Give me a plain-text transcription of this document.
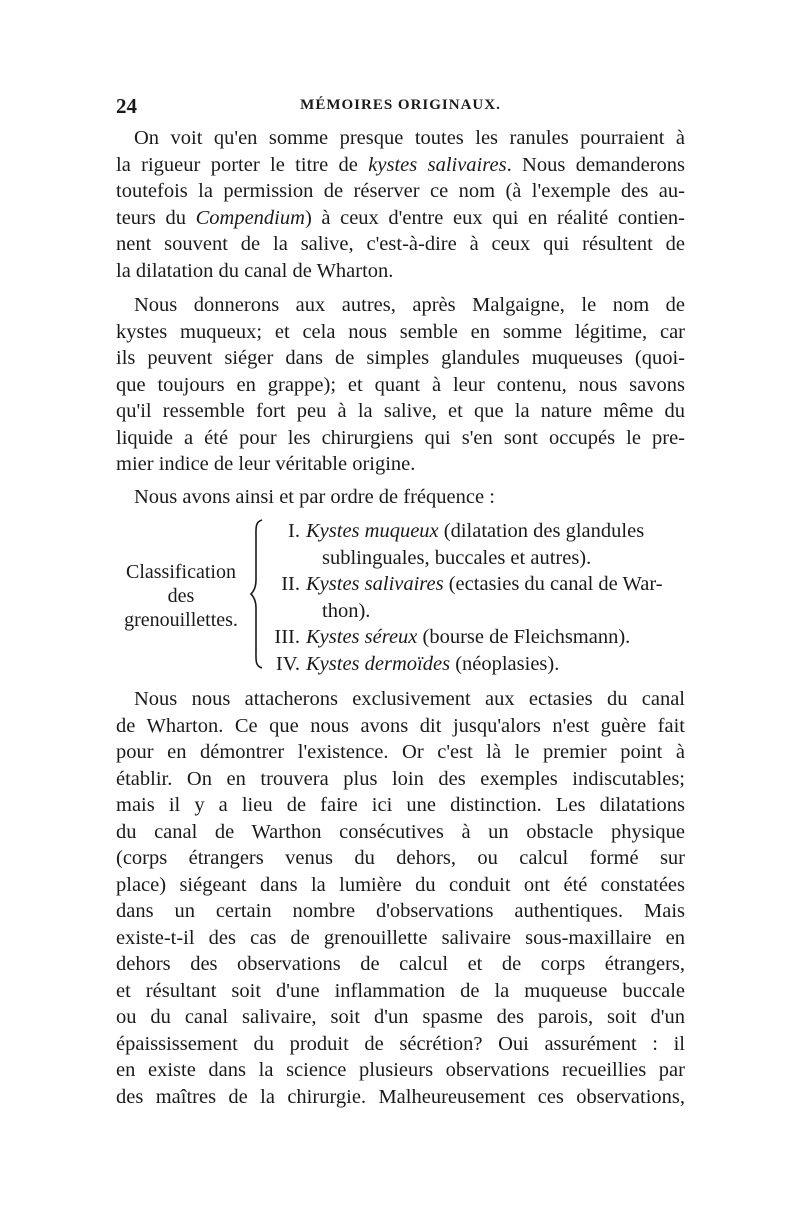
24	MÉMOIRES ORIGINAUX.
On voit qu'en somme presque toutes les ranules pourraient à
la rigueur porter le titre de kystes salivaires. Nous demanderons
toutefois la permission de réserver ce nom (à l'exemple des au-
teurs du Compendium) à ceux d'entre eux qui en réalité contien-
nent souvent de la salive, c'est-à-dire à ceux qui résultent de
la dilatation du canal de Wharton.
Nous donnerons aux autres, après Malgaigne, le nom de
kystes muqueux; et cela nous semble en somme légitime, car
ils peuvent siéger dans de simples glandules muqueuses (quoi-
que toujours en grappe); et quant à leur contenu, nous savons
qu'il ressemble fort peu à la salive, et que la nature même du
liquide a été pour les chirurgiens qui s'en sont occupés le pre-
mier indice de leur véritable origine.
Nous avons ainsi et par ordre de fréquence :
Classification
des
grenouillettes.
I. Kystes muqueux (dilatation des glandules
sublinguales, buccales et autres).
II. Kystes salivaires (ectasies du canal de War-
thon).
III. Kystes séreux (bourse de Fleichsmann).
IV. Kystes dermoïdes (néoplasies).
Nous nous attacherons exclusivement aux ectasies du canal
de Wharton. Ce que nous avons dit jusqu'alors n'est guère fait
pour en démontrer l'existence. Or c'est là le premier point à
établir. On en trouvera plus loin des exemples indiscutables;
mais il y a lieu de faire ici une distinction. Les dilatations
du canal de Warthon consécutives à un obstacle physique
(corps étrangers venus du dehors, ou calcul formé sur
place) siégeant dans la lumière du conduit ont été constatées
dans un certain nombre d'observations authentiques. Mais
existe-t-il des cas de grenouillette salivaire sous-maxillaire en
dehors des observations de calcul et de corps étrangers,
et résultant soit d'une inflammation de la muqueuse buccale
ou du canal salivaire, soit d'un spasme des parois, soit d'un
épaississement du produit de sécrétion? Oui assurément : il
en existe dans la science plusieurs observations recueillies par
des maîtres de la chirurgie. Malheureusement ces observations,
